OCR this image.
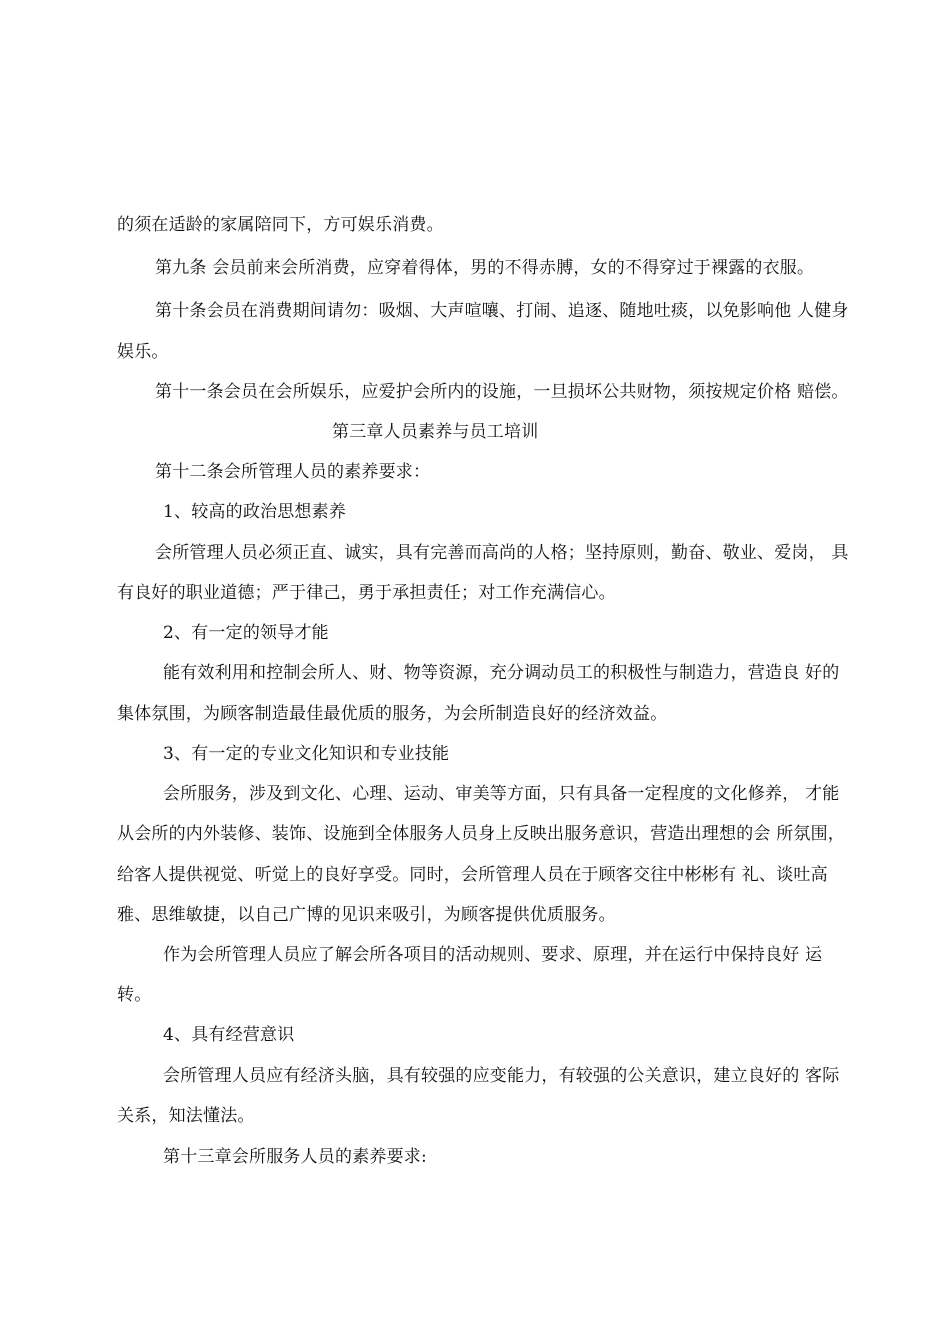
的须在适龄的家属陪同下，方可娱乐消费。
第九条 会员前来会所消费，应穿着得体，男的不得赤膊，女的不得穿过于裸露的衣服。
第十条会员在消费期间请勿：吸烟、大声喧嚷、打闹、追逐、随地吐痰，以免影响他 人健身
娱乐。
第十一条会员在会所娱乐，应爱护会所内的设施，一旦损坏公共财物，须按规定价格 赔偿。
第三章人员素养与员工培训
第十二条会所管理人员的素养要求：
1、较高的政治思想素养
会所管理人员必须正直、诚实，具有完善而高尚的人格；坚持原则，勤奋、敬业、爱岗， 具
有良好的职业道德；严于律己，勇于承担责任；对工作充满信心。
2、有一定的领导才能
能有效利用和控制会所人、财、物等资源，充分调动员工的积极性与制造力，营造良 好的
集体氛围，为顾客制造最佳最优质的服务，为会所制造良好的经济效益。
3、有一定的专业文化知识和专业技能
会所服务，涉及到文化、心理、运动、审美等方面，只有具备一定程度的文化修养， 才能
从会所的内外装修、装饰、设施到全体服务人员身上反映出服务意识，营造出理想的会 所氛围，
给客人提供视觉、听觉上的良好享受。同时，会所管理人员在于顾客交往中彬彬有 礼、谈吐高
雅、思维敏捷，以自己广博的见识来吸引，为顾客提供优质服务。
作为会所管理人员应了解会所各项目的活动规则、要求、原理，并在运行中保持良好 运
转。
4、具有经营意识
会所管理人员应有经济头脑，具有较强的应变能力，有较强的公关意识，建立良好的 客际
关系，知法懂法。
第十三章会所服务人员的素养要求:
